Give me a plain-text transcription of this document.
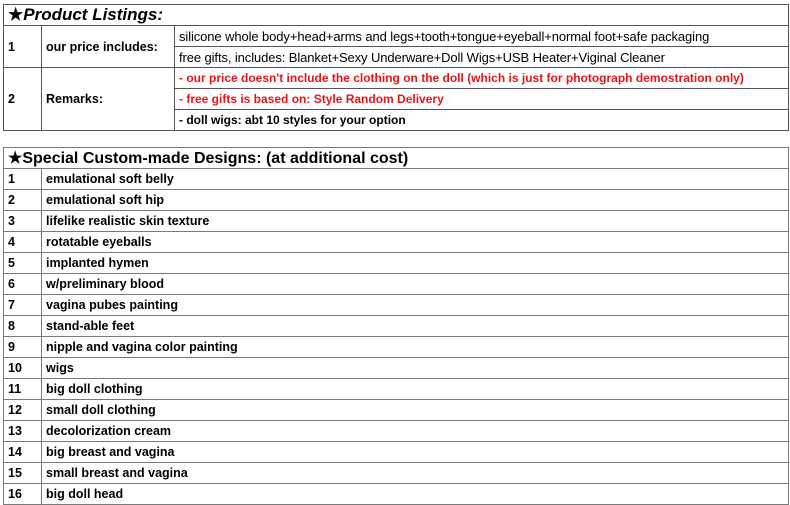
★Product Listings:		
1	our price includes:	silicone whole body+head+arms and legs+tooth+tongue+eyeball+normal foot+safe packaging
		free gifts, includes: Blanket+Sexy Underware+Doll Wigs+USB Heater+Viginal Cleaner
2	Remarks:	- our price doesn't include the clothing on the doll (which is just for photograph demostration only)
		- free gifts is based on: Style Random Delivery
		- doll wigs: abt 10 styles for your option
★Special Custom-made Designs: (at additional cost)	
1	emulational soft belly
2	emulational soft hip
3	lifelike realistic skin texture
4	rotatable eyeballs
5	implanted hymen
6	w/preliminary blood
7	vagina pubes painting
8	stand-able feet
9	nipple and vagina color painting
10	wigs
11	big doll clothing
12	small doll clothing
13	decolorization cream
14	big breast and vagina
15	small breast and vagina
16	big doll head
